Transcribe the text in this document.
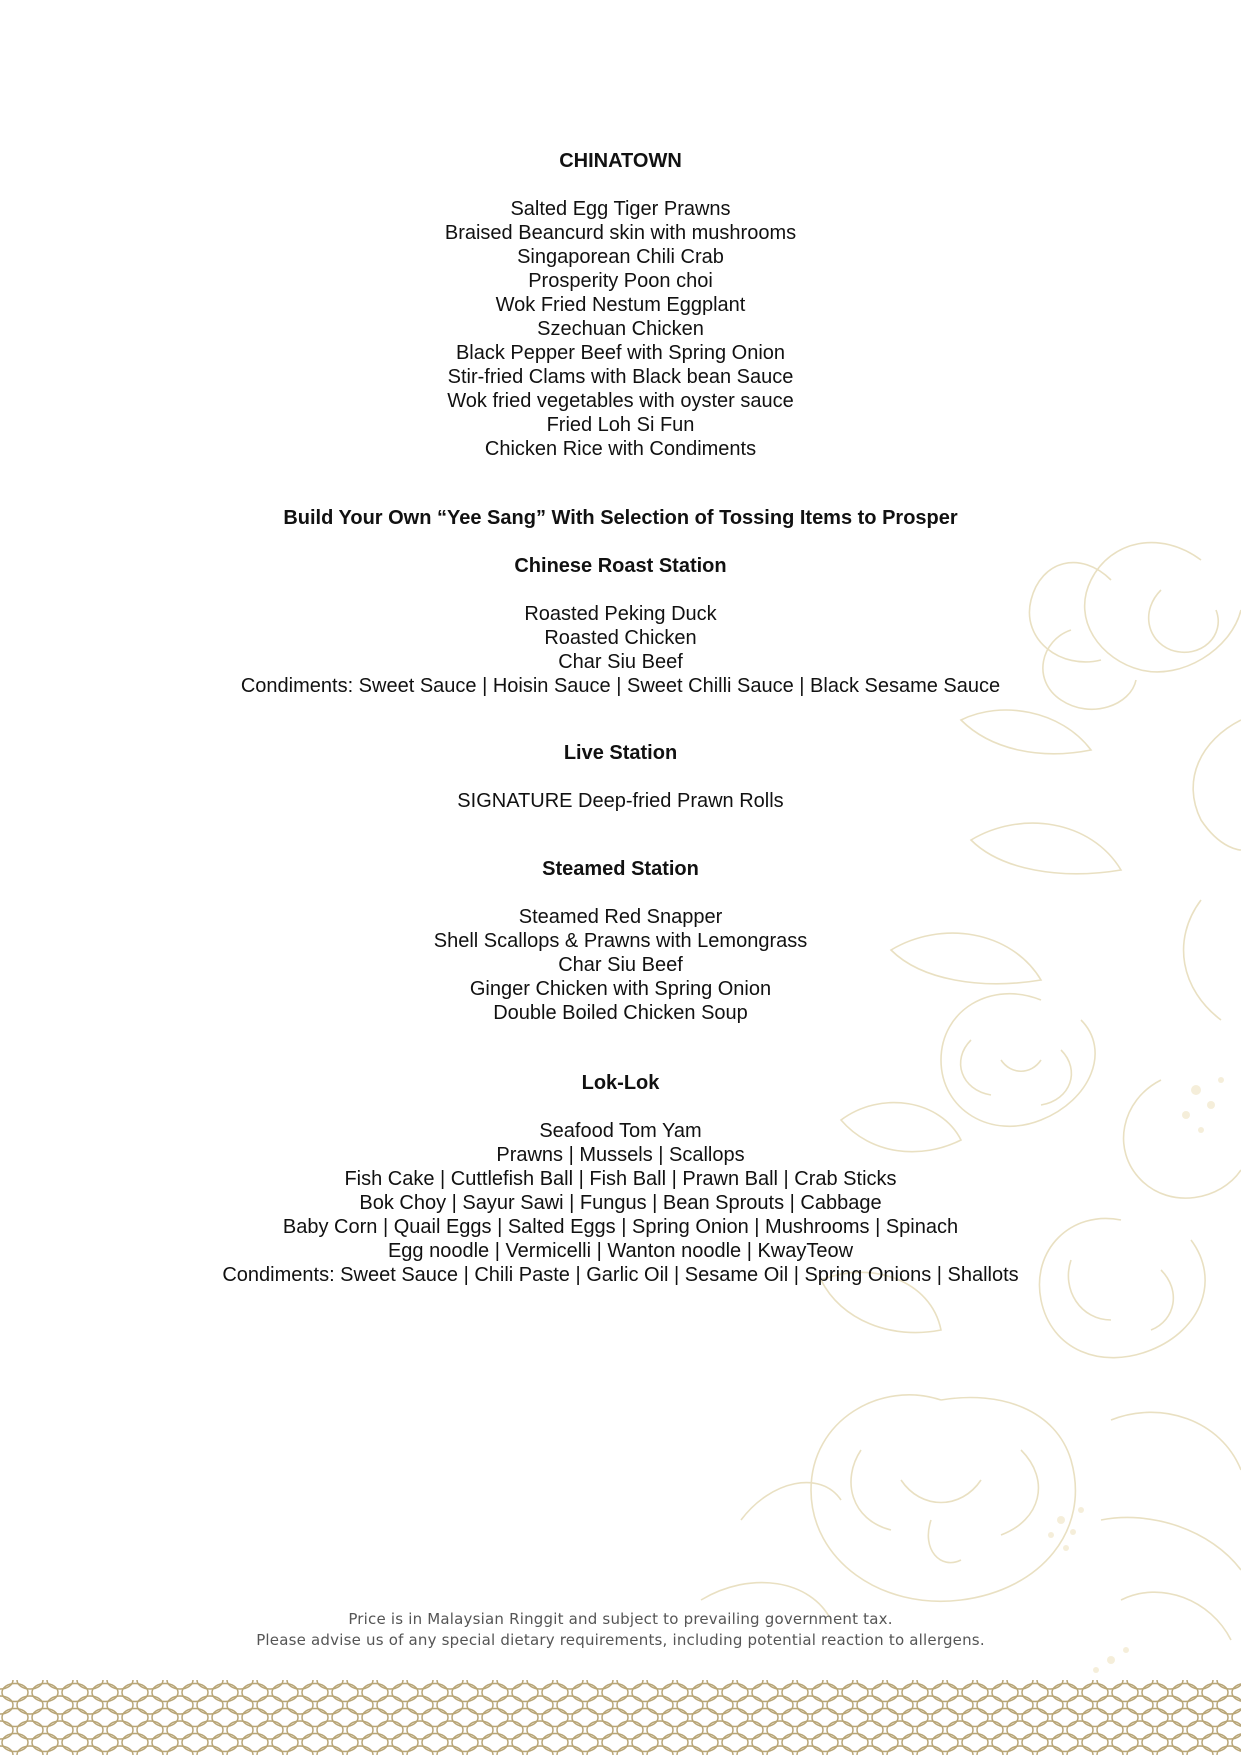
CHINATOWN
Salted Egg Tiger Prawns
Braised Beancurd skin with mushrooms
Singaporean Chili Crab
Prosperity Poon choi
Wok Fried Nestum Eggplant
Szechuan Chicken
Black Pepper Beef with Spring Onion
Stir-fried Clams with Black bean Sauce
Wok fried vegetables with oyster sauce
Fried Loh Si Fun
Chicken Rice with Condiments
Build Your Own “Yee Sang” With Selection of Tossing Items to Prosper
Chinese Roast Station
Roasted Peking Duck
Roasted Chicken
Char Siu Beef
Condiments: Sweet Sauce | Hoisin Sauce | Sweet Chilli Sauce | Black Sesame Sauce
Live Station
SIGNATURE Deep-fried Prawn Rolls
Steamed Station
Steamed Red Snapper
Shell Scallops & Prawns with Lemongrass
Char Siu Beef
Ginger Chicken with Spring Onion
Double Boiled Chicken Soup
Lok-Lok
Seafood Tom Yam
Prawns | Mussels | Scallops
Fish Cake | Cuttlefish Ball | Fish Ball | Prawn Ball | Crab Sticks
Bok Choy | Sayur Sawi | Fungus | Bean Sprouts | Cabbage
Baby Corn | Quail Eggs | Salted Eggs | Spring Onion | Mushrooms | Spinach
Egg noodle | Vermicelli | Wanton noodle | KwayTeow
Condiments: Sweet Sauce | Chili Paste | Garlic Oil | Sesame Oil | Spring Onions | Shallots
Price is in Malaysian Ringgit and subject to prevailing government tax.
Please advise us of any special dietary requirements, including potential reaction to allergens.
